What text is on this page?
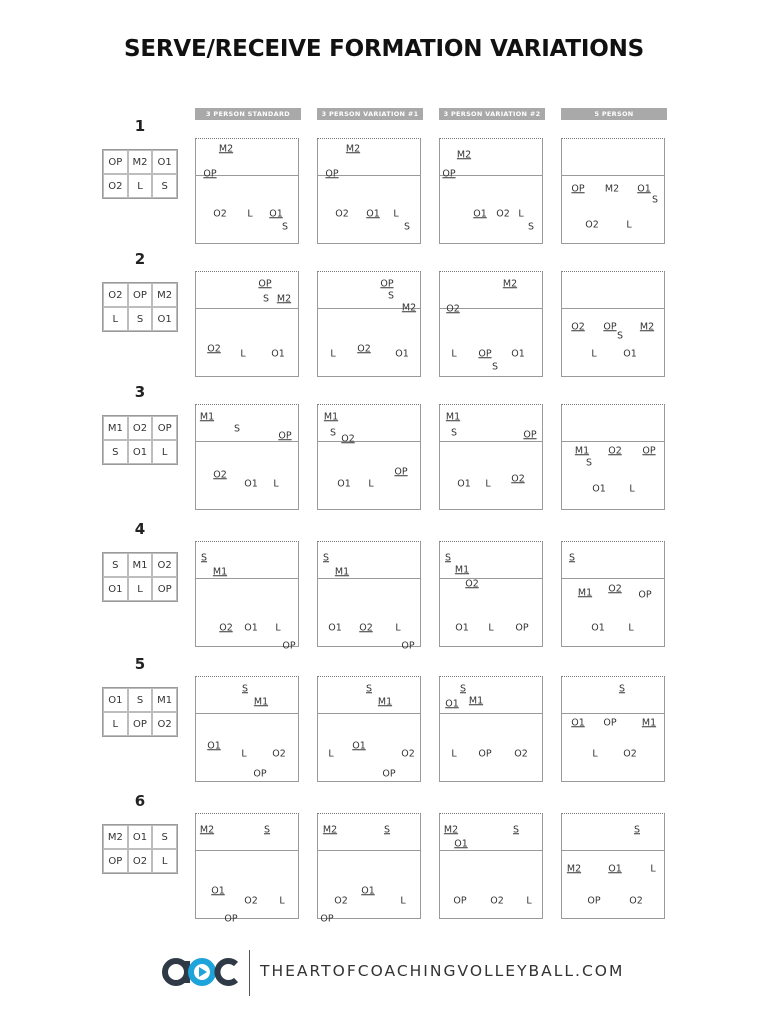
SERVE/RECEIVE FORMATION VARIATIONS
3 PERSON STANDARD	3 PERSON VARIATION #1	3 PERSON VARIATION #2	5 PERSON
1
OP	M2	O1
O2	L	S
M2
OP
O2 L O1
S
M2
OP
O2 O1 L
S
M2
OP
O1 O2 L
S
OP M2 O1
S
O2	L
2
O2	OP	M2
L	S	O1
OP
S M2
O2 L	O1
OP
S
M2
L O2	O1
M2
O2
L OP
S
O1
O2 OP
S
M2
L	O1
3
M1	O2	OP
S	O1	L
M1
S
OP
O2
O1 L
M1
S
O2
OP
O1 L
M1
S	OP
O1 L O2
M1
S
O2 OP
O1 L
4
S	M1	O2
O1	L	OP
S
M1
O2 O1 L
OP
S
M1
O1 O2 L
OP
S
M1
O2
O1 L OP
S
M1 O2
OP
O1 L
5
O1	S	M1
L	OP	O2
S
M1
O1
L	O2
OP
S
M1
L
O1
O2
OP
S
O1 M1
L OP O2
S
O1 OP	M1
L	O2
6
M2	O1	S
OP	O2	L
M2	S
O1
O2 L
OP
M2	S
O2
O1
L
OP
M2	S
O1
OP O2 L
S
M2	O1	L
OP	O2
THEARTOFCOACHINGVOLLEYBALL.COM
